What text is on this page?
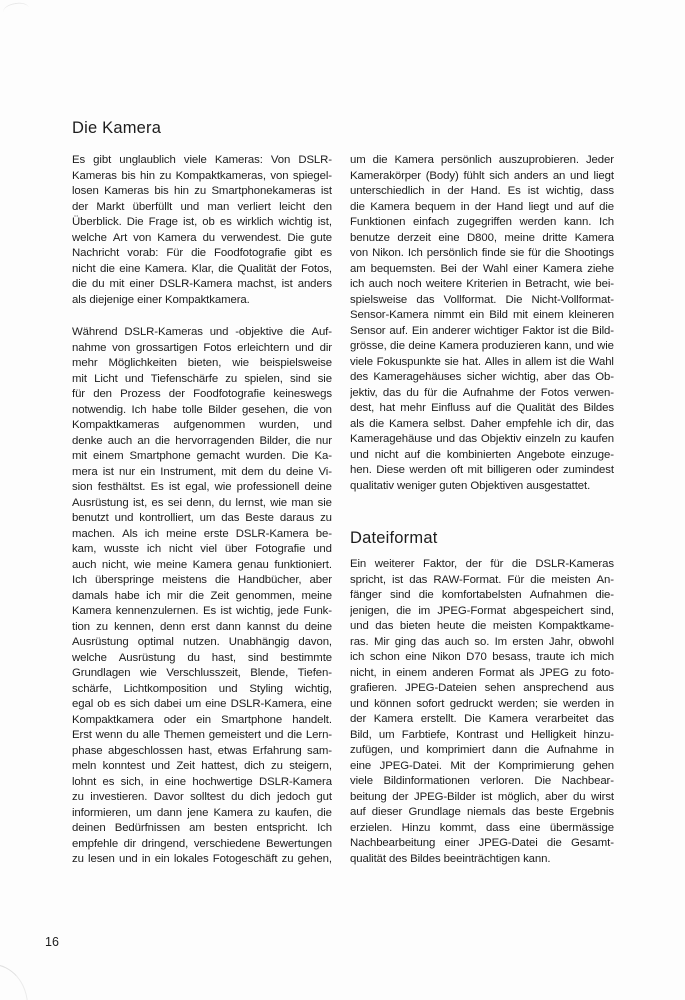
Die Kamera
Es gibt unglaublich viele Kameras: Von DSLR-
Kameras bis hin zu Kompaktkameras, von spiegel-
losen Kameras bis hin zu Smartphonekameras ist
der Markt überfüllt und man verliert leicht den
Überblick. Die Frage ist, ob es wirklich wichtig ist,
welche Art von Kamera du verwendest. Die gute
Nachricht vorab: Für die Foodfotografie gibt es
nicht die eine Kamera. Klar, die Qualität der Fotos,
die du mit einer DSLR-Kamera machst, ist anders
als diejenige einer Kompaktkamera.
Während DSLR-Kameras und -objektive die Auf-
nahme von grossartigen Fotos erleichtern und dir
mehr Möglichkeiten bieten, wie beispielsweise
mit Licht und Tiefenschärfe zu spielen, sind sie
für den Prozess der Foodfotografie keineswegs
notwendig. Ich habe tolle Bilder gesehen, die von
Kompaktkameras aufgenommen wurden, und
denke auch an die hervorragenden Bilder, die nur
mit einem Smartphone gemacht wurden. Die Ka-
mera ist nur ein Instrument, mit dem du deine Vi-
sion festhältst. Es ist egal, wie professionell deine
Ausrüstung ist, es sei denn, du lernst, wie man sie
benutzt und kontrolliert, um das Beste daraus zu
machen. Als ich meine erste DSLR-Kamera be-
kam, wusste ich nicht viel über Fotografie und
auch nicht, wie meine Kamera genau funktioniert.
Ich überspringe meistens die Handbücher, aber
damals habe ich mir die Zeit genommen, meine
Kamera kennenzulernen. Es ist wichtig, jede Funk-
tion zu kennen, denn erst dann kannst du deine
Ausrüstung optimal nutzen. Unabhängig davon,
welche Ausrüstung du hast, sind bestimmte
Grundlagen wie Verschlusszeit, Blende, Tiefen-
schärfe, Lichtkomposition und Styling wichtig,
egal ob es sich dabei um eine DSLR-Kamera, eine
Kompaktkamera oder ein Smartphone handelt.
Erst wenn du alle Themen gemeistert und die Lern-
phase abgeschlossen hast, etwas Erfahrung sam-
meln konntest und Zeit hattest, dich zu steigern,
lohnt es sich, in eine hochwertige DSLR-Kamera
zu investieren. Davor solltest du dich jedoch gut
informieren, um dann jene Kamera zu kaufen, die
deinen Bedürfnissen am besten entspricht. Ich
empfehle dir dringend, verschiedene Bewertungen
zu lesen und in ein lokales Fotogeschäft zu gehen,
um die Kamera persönlich auszuprobieren. Jeder
Kamerakörper (Body) fühlt sich anders an und liegt
unterschiedlich in der Hand. Es ist wichtig, dass
die Kamera bequem in der Hand liegt und auf die
Funktionen einfach zugegriffen werden kann. Ich
benutze derzeit eine D800, meine dritte Kamera
von Nikon. Ich persönlich finde sie für die Shootings
am bequemsten. Bei der Wahl einer Kamera ziehe
ich auch noch weitere Kriterien in Betracht, wie bei-
spielsweise das Vollformat. Die Nicht-Vollformat-
Sensor-Kamera nimmt ein Bild mit einem kleineren
Sensor auf. Ein anderer wichtiger Faktor ist die Bild-
grösse, die deine Kamera produzieren kann, und wie
viele Fokuspunkte sie hat. Alles in allem ist die Wahl
des Kameragehäuses sicher wichtig, aber das Ob-
jektiv, das du für die Aufnahme der Fotos verwen-
dest, hat mehr Einfluss auf die Qualität des Bildes
als die Kamera selbst. Daher empfehle ich dir, das
Kameragehäuse und das Objektiv einzeln zu kaufen
und nicht auf die kombinierten Angebote einzuge-
hen. Diese werden oft mit billigeren oder zumindest
qualitativ weniger guten Objektiven ausgestattet.
Dateiformat
Ein weiterer Faktor, der für die DSLR-Kameras
spricht, ist das RAW-Format. Für die meisten An-
fänger sind die komfortabelsten Aufnahmen die-
jenigen, die im JPEG-Format abgespeichert sind,
und das bieten heute die meisten Kompaktkame-
ras. Mir ging das auch so. Im ersten Jahr, obwohl
ich schon eine Nikon D70 besass, traute ich mich
nicht, in einem anderen Format als JPEG zu foto-
grafieren. JPEG-Dateien sehen ansprechend aus
und können sofort gedruckt werden; sie werden in
der Kamera erstellt. Die Kamera verarbeitet das
Bild, um Farbtiefe, Kontrast und Helligkeit hinzu-
zufügen, und komprimiert dann die Aufnahme in
eine JPEG-Datei. Mit der Komprimierung gehen
viele Bildinformationen verloren. Die Nachbear-
beitung der JPEG-Bilder ist möglich, aber du wirst
auf dieser Grundlage niemals das beste Ergebnis
erzielen. Hinzu kommt, dass eine übermässige
Nachbearbeitung einer JPEG-Datei die Gesamt-
qualität des Bildes beeinträchtigen kann.
16
